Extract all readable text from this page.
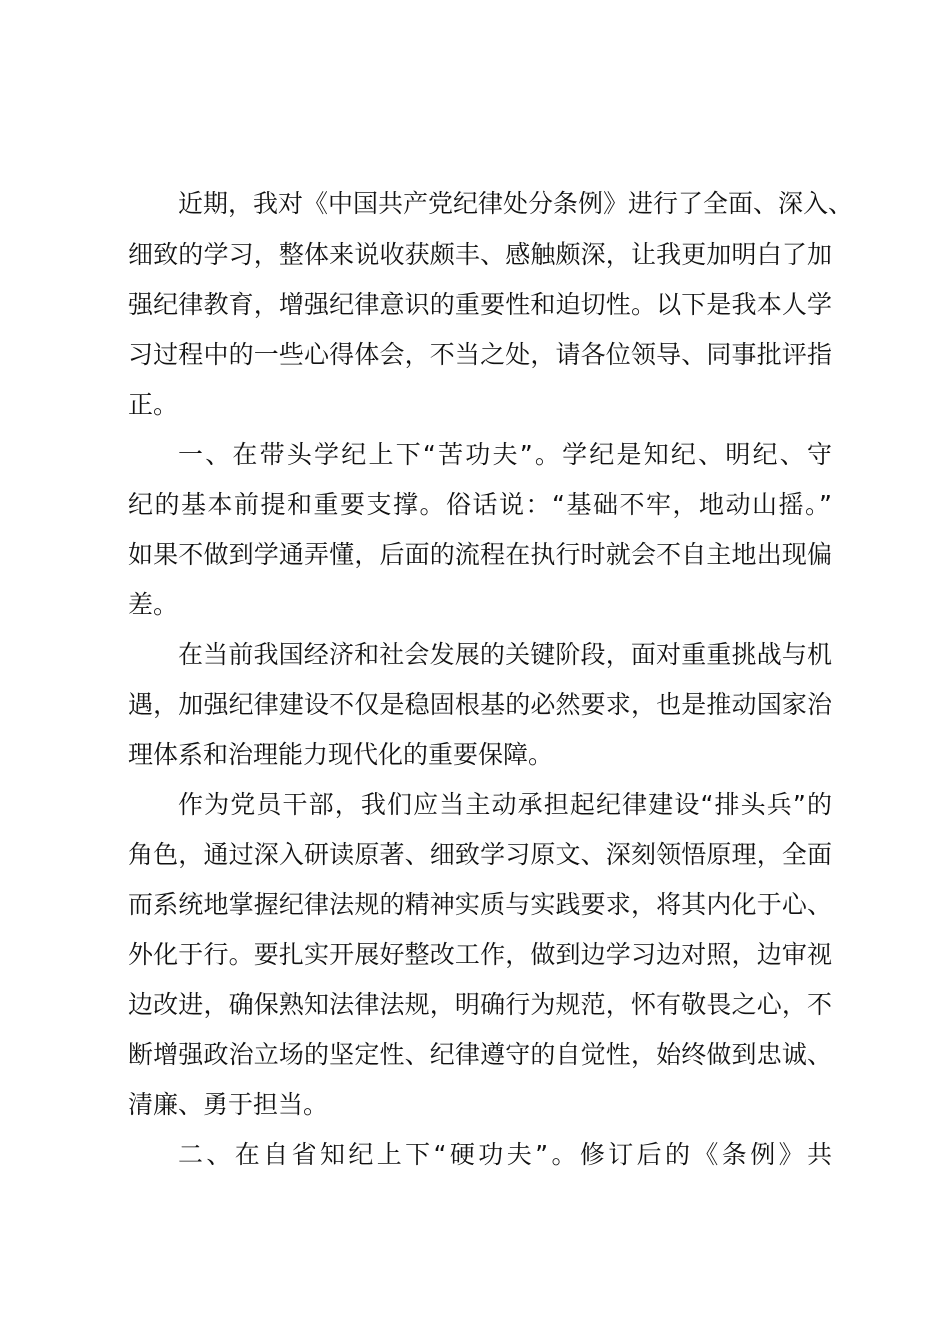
近期，我对《中国共产党纪律处分条例》进行了全面、深入、
细致的学习，整体来说收获颇丰、感触颇深，让我更加明白了加
强纪律教育，增强纪律意识的重要性和迫切性。以下是我本人学
习过程中的一些心得体会，不当之处，请各位领导、同事批评指
正。
一、在带头学纪上下“苦功夫”。学纪是知纪、明纪、守
纪的基本前提和重要支撑。俗话说：“基础不牢，地动山摇。”
如果不做到学通弄懂，后面的流程在执行时就会不自主地出现偏
差。
在当前我国经济和社会发展的关键阶段，面对重重挑战与机
遇，加强纪律建设不仅是稳固根基的必然要求，也是推动国家治
理体系和治理能力现代化的重要保障。
作为党员干部，我们应当主动承担起纪律建设“排头兵”的
角色，通过深入研读原著、细致学习原文、深刻领悟原理，全面
而系统地掌握纪律法规的精神实质与实践要求，将其内化于心、
外化于行。要扎实开展好整改工作，做到边学习边对照，边审视
边改进，确保熟知法律法规，明确行为规范，怀有敬畏之心，不
断增强政治立场的坚定性、纪律遵守的自觉性，始终做到忠诚、
清廉、勇于担当。
二、在自省知纪上下“硬功夫”。修订后的《条例》共
